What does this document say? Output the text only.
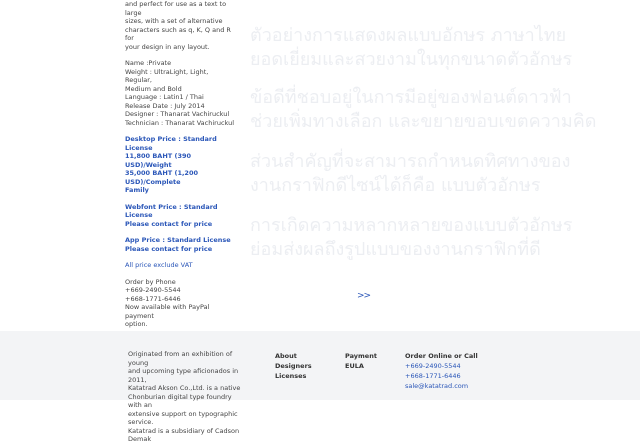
and perfect for use as a text to large

sizes, with a set of alternative

characters such as q, K, Q and R for

your design in any layout.

Name :Private

Weight : UltraLight, Light, Regular,

Medium and Bold

Language : Latin1 / Thai

Release Date : July 2014

Designer : Thanarat Vachiruckul

Technician : Thanarat Vachiruckul

Desktop Price : Standard License

11,800 BAHT (390 USD)/Weight

35,000 BAHT (1,200 USD)/Complete

Family

Webfont Price : Standard License

Please contact for price

App Price : Standard License

Please contact for price

All price exclude VAT

Order by Phone

+669-2490-5544

+668-1771-6446

Now available with PayPal payment

option.

ตัวอย่างการแสดงผลแบบอักษร ภาษาไทย
ยอดเยี่ยมและสวยงามในทุกขนาดตัวอักษร
ข้อดีที่ชอบอยู่ในการมีอยู่ของฟอนต์ดาวฟ้า
ช่วยเพิ่มทางเลือก และขยายขอบเขตความคิด
ส่วนสำคัญที่จะสามารถกำหนดทิศทางของ
งานกราฟิกดีไซน์ได้ก็คือ แบบตัวอักษร
การเกิดความหลากหลายของแบบตัวอักษร
ย่อมส่งผลถึงรูปแบบของงานกราฟิกที่ดี
>>
Originated from an exhibition of young
and upcoming type aficionados in 2011,
Katatrad Akson Co.,Ltd. is a native
Chonburian digital type foundry with an
extensive support on typographic service.
Katatrad is a subsidiary of Cadson Demak
About
Designers
Licenses
Payment
EULA
Order Online or Call
+669-2490-5544
+668-1771-6446
sale@katatrad.com
